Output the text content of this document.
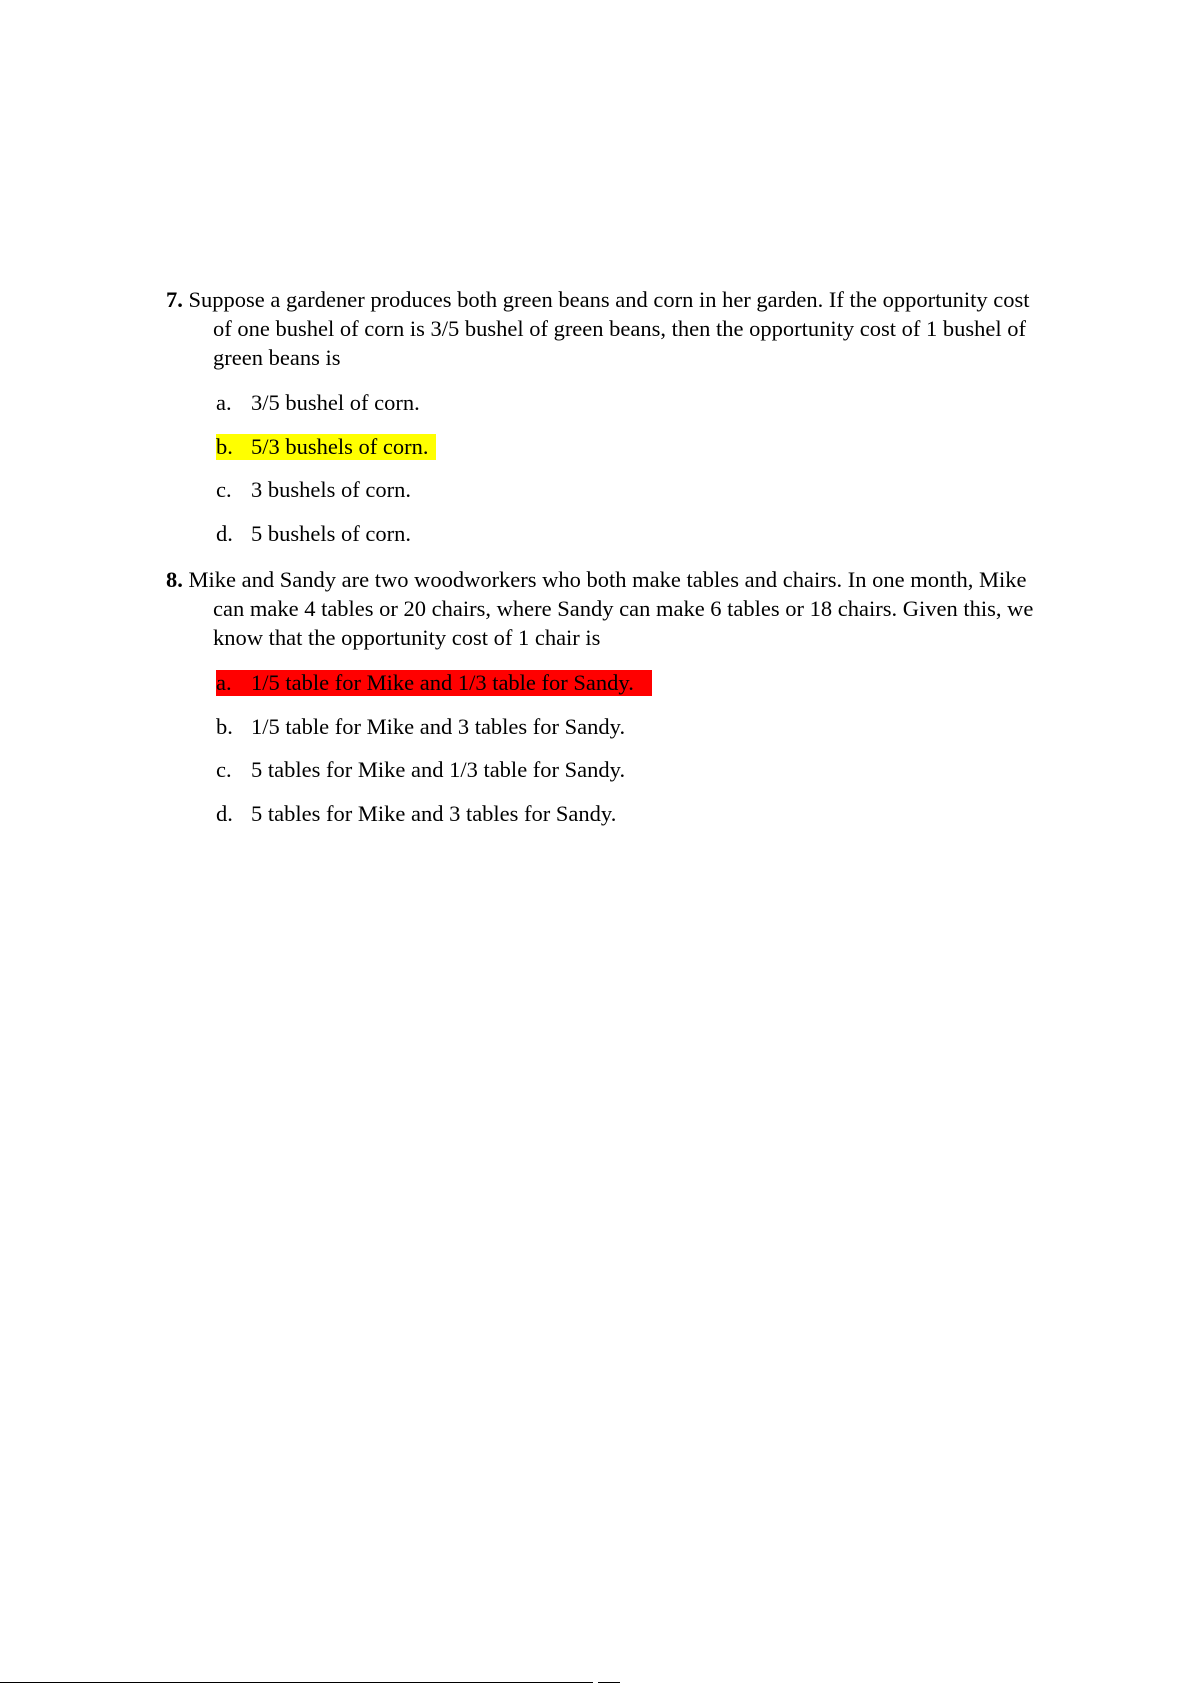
7. Suppose a gardener produces both green beans and corn in her garden. If the opportunity cost of one bushel of corn is 3/5 bushel of green beans, then the opportunity cost of 1 bushel of green beans is

a. 3/5 bushel of corn.
b. 5/3 bushels of corn.
c. 3 bushels of corn.
d. 5 bushels of corn.

8. Mike and Sandy are two woodworkers who both make tables and chairs. In one month, Mike can make 4 tables or 20 chairs, where Sandy can make 6 tables or 18 chairs. Given this, we know that the opportunity cost of 1 chair is

a. 1/5 table for Mike and 1/3 table for Sandy.
b. 1/5 table for Mike and 3 tables for Sandy.
c. 5 tables for Mike and 1/3 table for Sandy.
d. 5 tables for Mike and 3 tables for Sandy.
